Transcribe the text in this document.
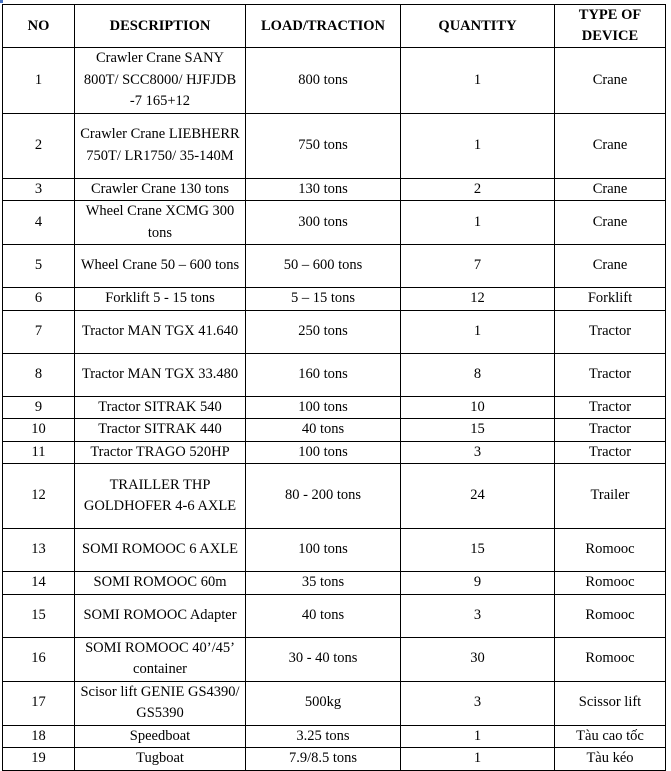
NO	DESCRIPTION	LOAD/TRACTION	QUANTITY	TYPE OF DEVICE
1	Crawler Crane SANY 800T/ SCC8000/ HJFJDB -7 165+12	800 tons	1	Crane
2	Crawler Crane LIEBHERR 750T/ LR1750/ 35-140M	750 tons	1	Crane
3	Crawler Crane 130 tons	130 tons	2	Crane
4	Wheel Crane XCMG 300 tons	300 tons	1	Crane
5	Wheel Crane 50 – 600 tons	50 – 600 tons	7	Crane
6	Forklift 5 - 15 tons	5 – 15 tons	12	Forklift
7	Tractor MAN TGX 41.640	250 tons	1	Tractor
8	Tractor MAN TGX 33.480	160 tons	8	Tractor
9	Tractor SITRAK 540	100 tons	10	Tractor
10	Tractor SITRAK 440	40 tons	15	Tractor
11	Tractor TRAGO 520HP	100 tons	3	Tractor
12	TRAILLER THP GOLDHOFER 4-6 AXLE	80 - 200 tons	24	Trailer
13	SOMI ROMOOC 6 AXLE	100 tons	15	Romooc
14	SOMI ROMOOC 60m	35 tons	9	Romooc
15	SOMI ROMOOC Adapter	40 tons	3	Romooc
16	SOMI ROMOOC 40’/45’ container	30 - 40 tons	30	Romooc
17	Scisor lift GENIE GS4390/ GS5390	500kg	3	Scissor lift
18	Speedboat	3.25 tons	1	Tàu cao tốc
19	Tugboat	7.9/8.5 tons	1	Tàu kéo
